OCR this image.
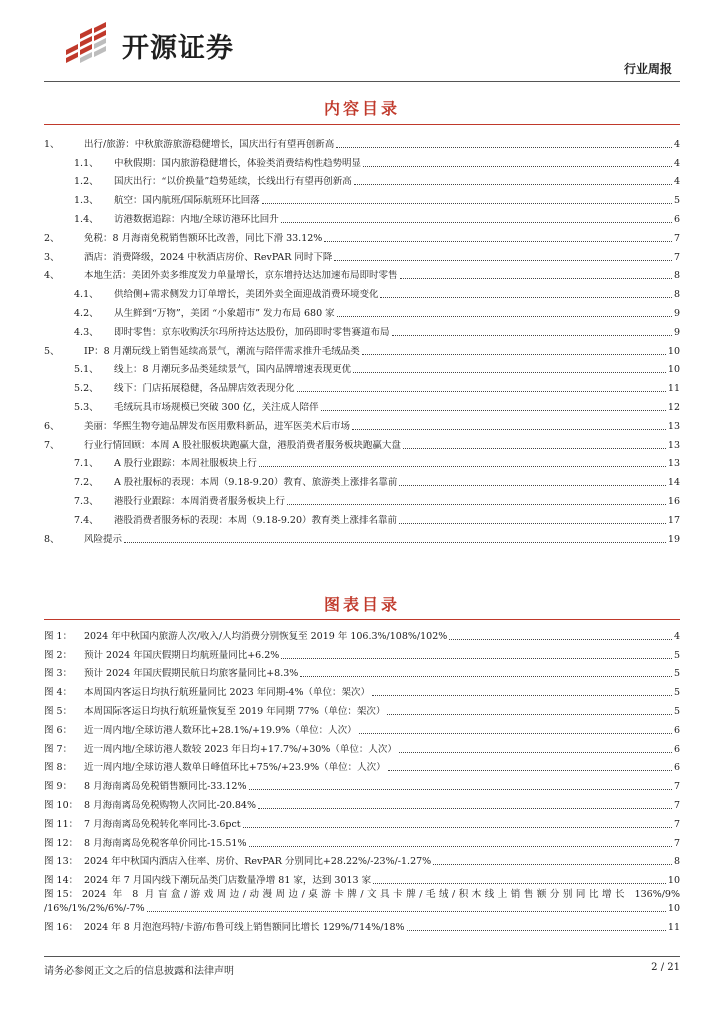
开源证券
行业周报
内容目录
1、	出行/旅游：中秋旅游旅游稳健增长，国庆出行有望再创新高	4
1.1、	中秋假期：国内旅游稳健增长，体验类消费结构性趋势明显	4
1.2、	国庆出行：“以价换量”趋势延续，长线出行有望再创新高	4
1.3、	航空：国内航班/国际航班环比回落	5
1.4、	访港数据追踪：内地/全球访港环比回升	6
2、	免税：8 月海南免税销售额环比改善，同比下滑 33.12%	7
3、	酒店：消费降级，2024 中秋酒店房价、RevPAR 同时下降	7
4、	本地生活：美团外卖多维度发力单量增长，京东增持达达加速布局即时零售	8
4.1、	供给侧+需求侧发力订单增长，美团外卖全面迎战消费环境变化	8
4.2、	从生鲜到“万物”，美团 “小象超市” 发力布局 680 家	9
4.3、	即时零售：京东收购沃尔玛所持达达股份，加码即时零售赛道布局	9
5、	IP：8 月潮玩线上销售延续高景气，潮流与陪伴需求推升毛绒品类	10
5.1、	线上：8 月潮玩多品类延续景气，国内品牌增速表现更优	10
5.2、	线下：门店拓展稳健，各品牌店效表现分化	11
5.3、	毛绒玩具市场规模已突破 300 亿，关注成人陪伴	12
6、	美丽：华熙生物夸迪品牌发布医用敷料新品，进军医美术后市场	13
7、	行业行情回顾：本周 A 股社服板块跑赢大盘，港股消费者服务板块跑赢大盘	13
7.1、	A 股行业跟踪：本周社服板块上行	13
7.2、	A 股社服标的表现：本周（9.18-9.20）教育、旅游类上涨排名靠前	14
7.3、	港股行业跟踪：本周消费者服务板块上行	16
7.4、	港股消费者服务标的表现：本周（9.18-9.20）教育类上涨排名靠前	17
8、	风险提示	19
图表目录
图 1：	2024 年中秋国内旅游人次/收入/人均消费分别恢复至 2019 年 106.3%/108%/102%	4
图 2：	预计 2024 年国庆假期日均航班量同比+6.2%	5
图 3：	预计 2024 年国庆假期民航日均旅客量同比+8.3%	5
图 4：	本周国内客运日均执行航班量同比 2023 年同期-4%（单位：架次）	5
图 5：	本周国际客运日均执行航班量恢复至 2019 年同期 77%（单位：架次）	5
图 6：	近一周内地/全球访港人数环比+28.1%/+19.9%（单位：人次）	6
图 7：	近一周内地/全球访港人数较 2023 年日均+17.7%/+30%（单位：人次）	6
图 8：	近一周内地/全球访港人数单日峰值环比+75%/+23.9%（单位：人次）	6
图 9：	8 月海南离岛免税销售额同比-33.12%	7
图 10： 8 月海南离岛免税购物人次同比-20.84%	7
图 11： 7 月海南离岛免税转化率同比-3.6pct	7
图 12： 8 月海南离岛免税客单价同比-15.51%	7
图 13： 2024 年中秋国内酒店入住率、房价、RevPAR 分别同比+28.22%/-23%/-1.27%	8
图 14： 2024 年 7 月国内线下潮玩品类门店数量净增 81 家，达到 3013 家	10
图 15： 2024 年 8 月盲盒/游戏周边/动漫周边/桌游卡牌/文具卡牌/毛绒/积木线上销售额分别同比增长 136%/9%
/16%/1%/2%/6%/-7%	10
图 16： 2024 年 8 月泡泡玛特/卡游/布鲁可线上销售额同比增长 129%/714%/18%	11
请务必参阅正文之后的信息披露和法律声明	2 / 21
